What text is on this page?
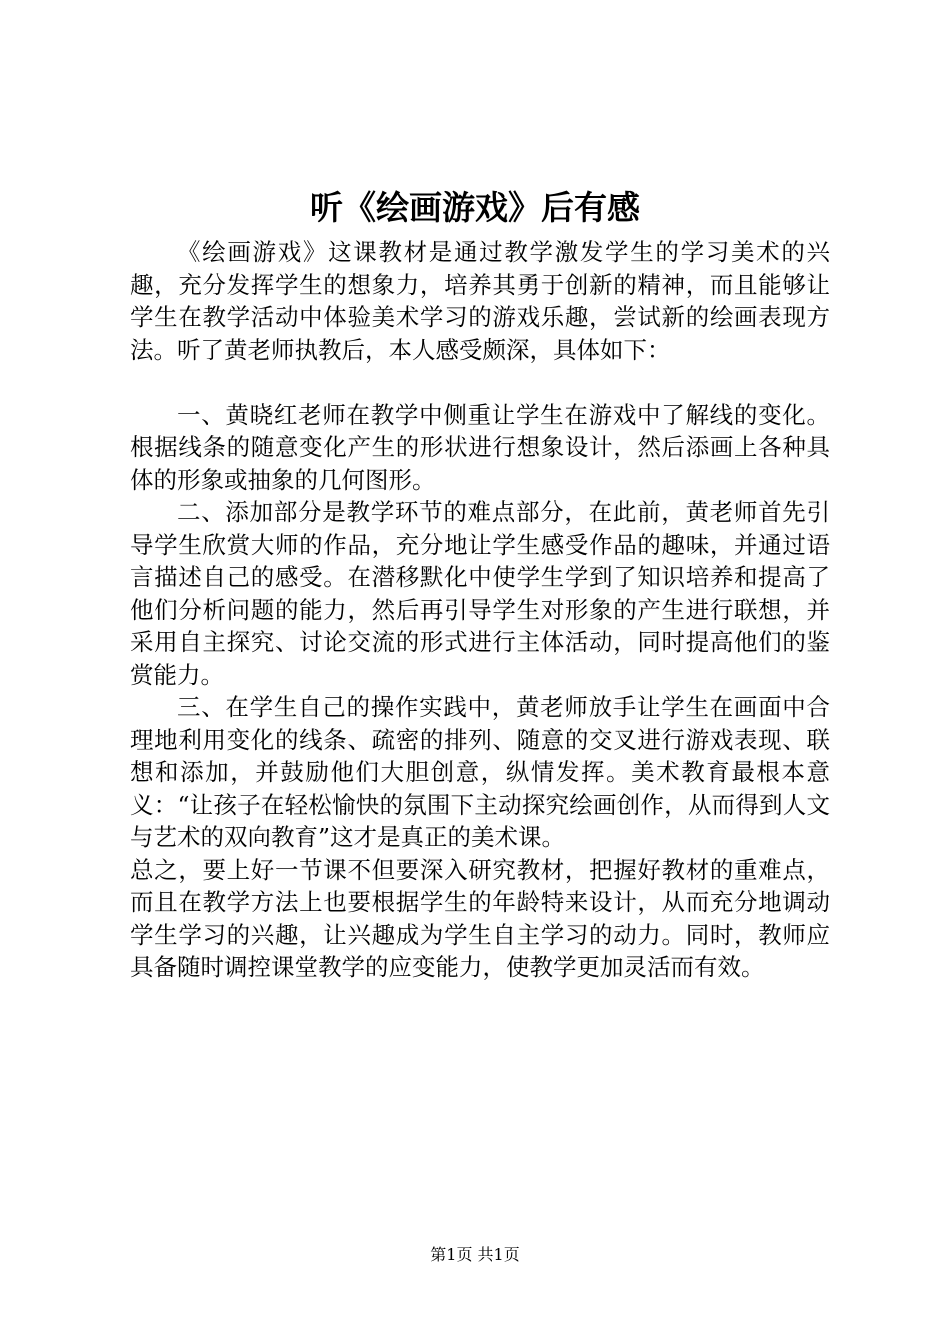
听《绘画游戏》后有感

《绘画游戏》这课教材是通过教学激发学生的学习美术的兴趣，充分发挥学生的想象力，培养其勇于创新的精神，而且能够让学生在教学活动中体验美术学习的游戏乐趣，尝试新的绘画表现方法。听了黄老师执教后，本人感受颇深，具体如下：

一、黄晓红老师在教学中侧重让学生在游戏中了解线的变化。根据线条的随意变化产生的形状进行想象设计，然后添画上各种具体的形象或抽象的几何图形。

二、添加部分是教学环节的难点部分，在此前，黄老师首先引导学生欣赏大师的作品，充分地让学生感受作品的趣味，并通过语言描述自己的感受。在潜移默化中使学生学到了知识培养和提高了他们分析问题的能力，然后再引导学生对形象的产生进行联想，并采用自主探究、讨论交流的形式进行主体活动，同时提高他们的鉴赏能力。

三、在学生自己的操作实践中，黄老师放手让学生在画面中合理地利用变化的线条、疏密的排列、随意的交叉进行游戏表现、联想和添加，并鼓励他们大胆创意，纵情发挥。美术教育最根本意义：“让孩子在轻松愉快的氛围下主动探究绘画创作，从而得到人文与艺术的双向教育”这才是真正的美术课。

总之，要上好一节课不但要深入研究教材，把握好教材的重难点，而且在教学方法上也要根据学生的年龄特来设计，从而充分地调动学生学习的兴趣，让兴趣成为学生自主学习的动力。同时，教师应具备随时调控课堂教学的应变能力，使教学更加灵活而有效。

第1页 共1页
